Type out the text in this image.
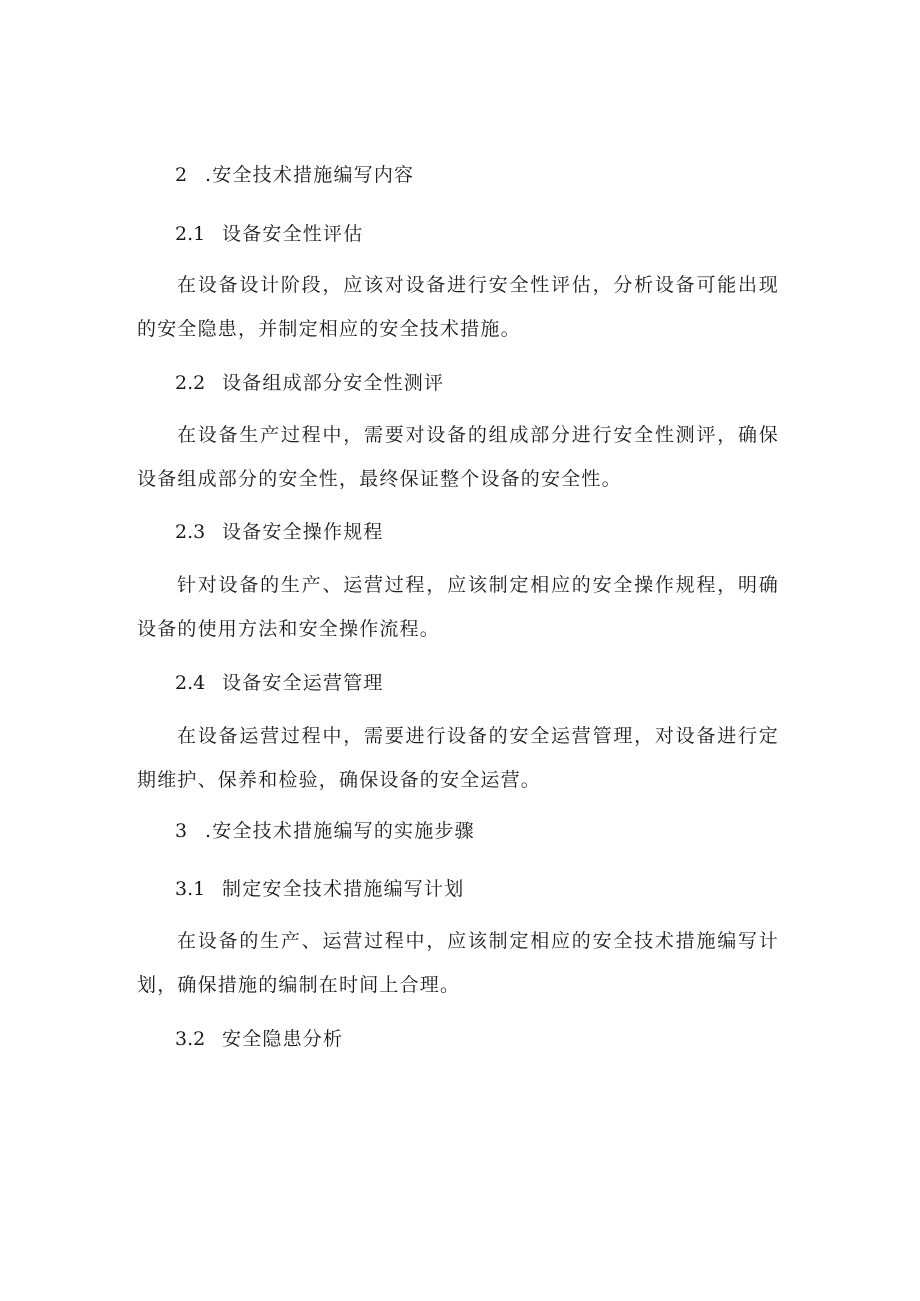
2 .安全技术措施编写内容
2.1 设备安全性评估
在设备设计阶段，应该对设备进行安全性评估，分析设备可能出现的安全隐患，并制定相应的安全技术措施。
2.2 设备组成部分安全性测评
在设备生产过程中，需要对设备的组成部分进行安全性测评，确保设备组成部分的安全性，最终保证整个设备的安全性。
2.3 设备安全操作规程
针对设备的生产、运营过程，应该制定相应的安全操作规程，明确设备的使用方法和安全操作流程。
2.4 设备安全运营管理
在设备运营过程中，需要进行设备的安全运营管理，对设备进行定期维护、保养和检验，确保设备的安全运营。
3 .安全技术措施编写的实施步骤
3.1 制定安全技术措施编写计划
在设备的生产、运营过程中，应该制定相应的安全技术措施编写计划，确保措施的编制在时间上合理。
3.2 安全隐患分析
